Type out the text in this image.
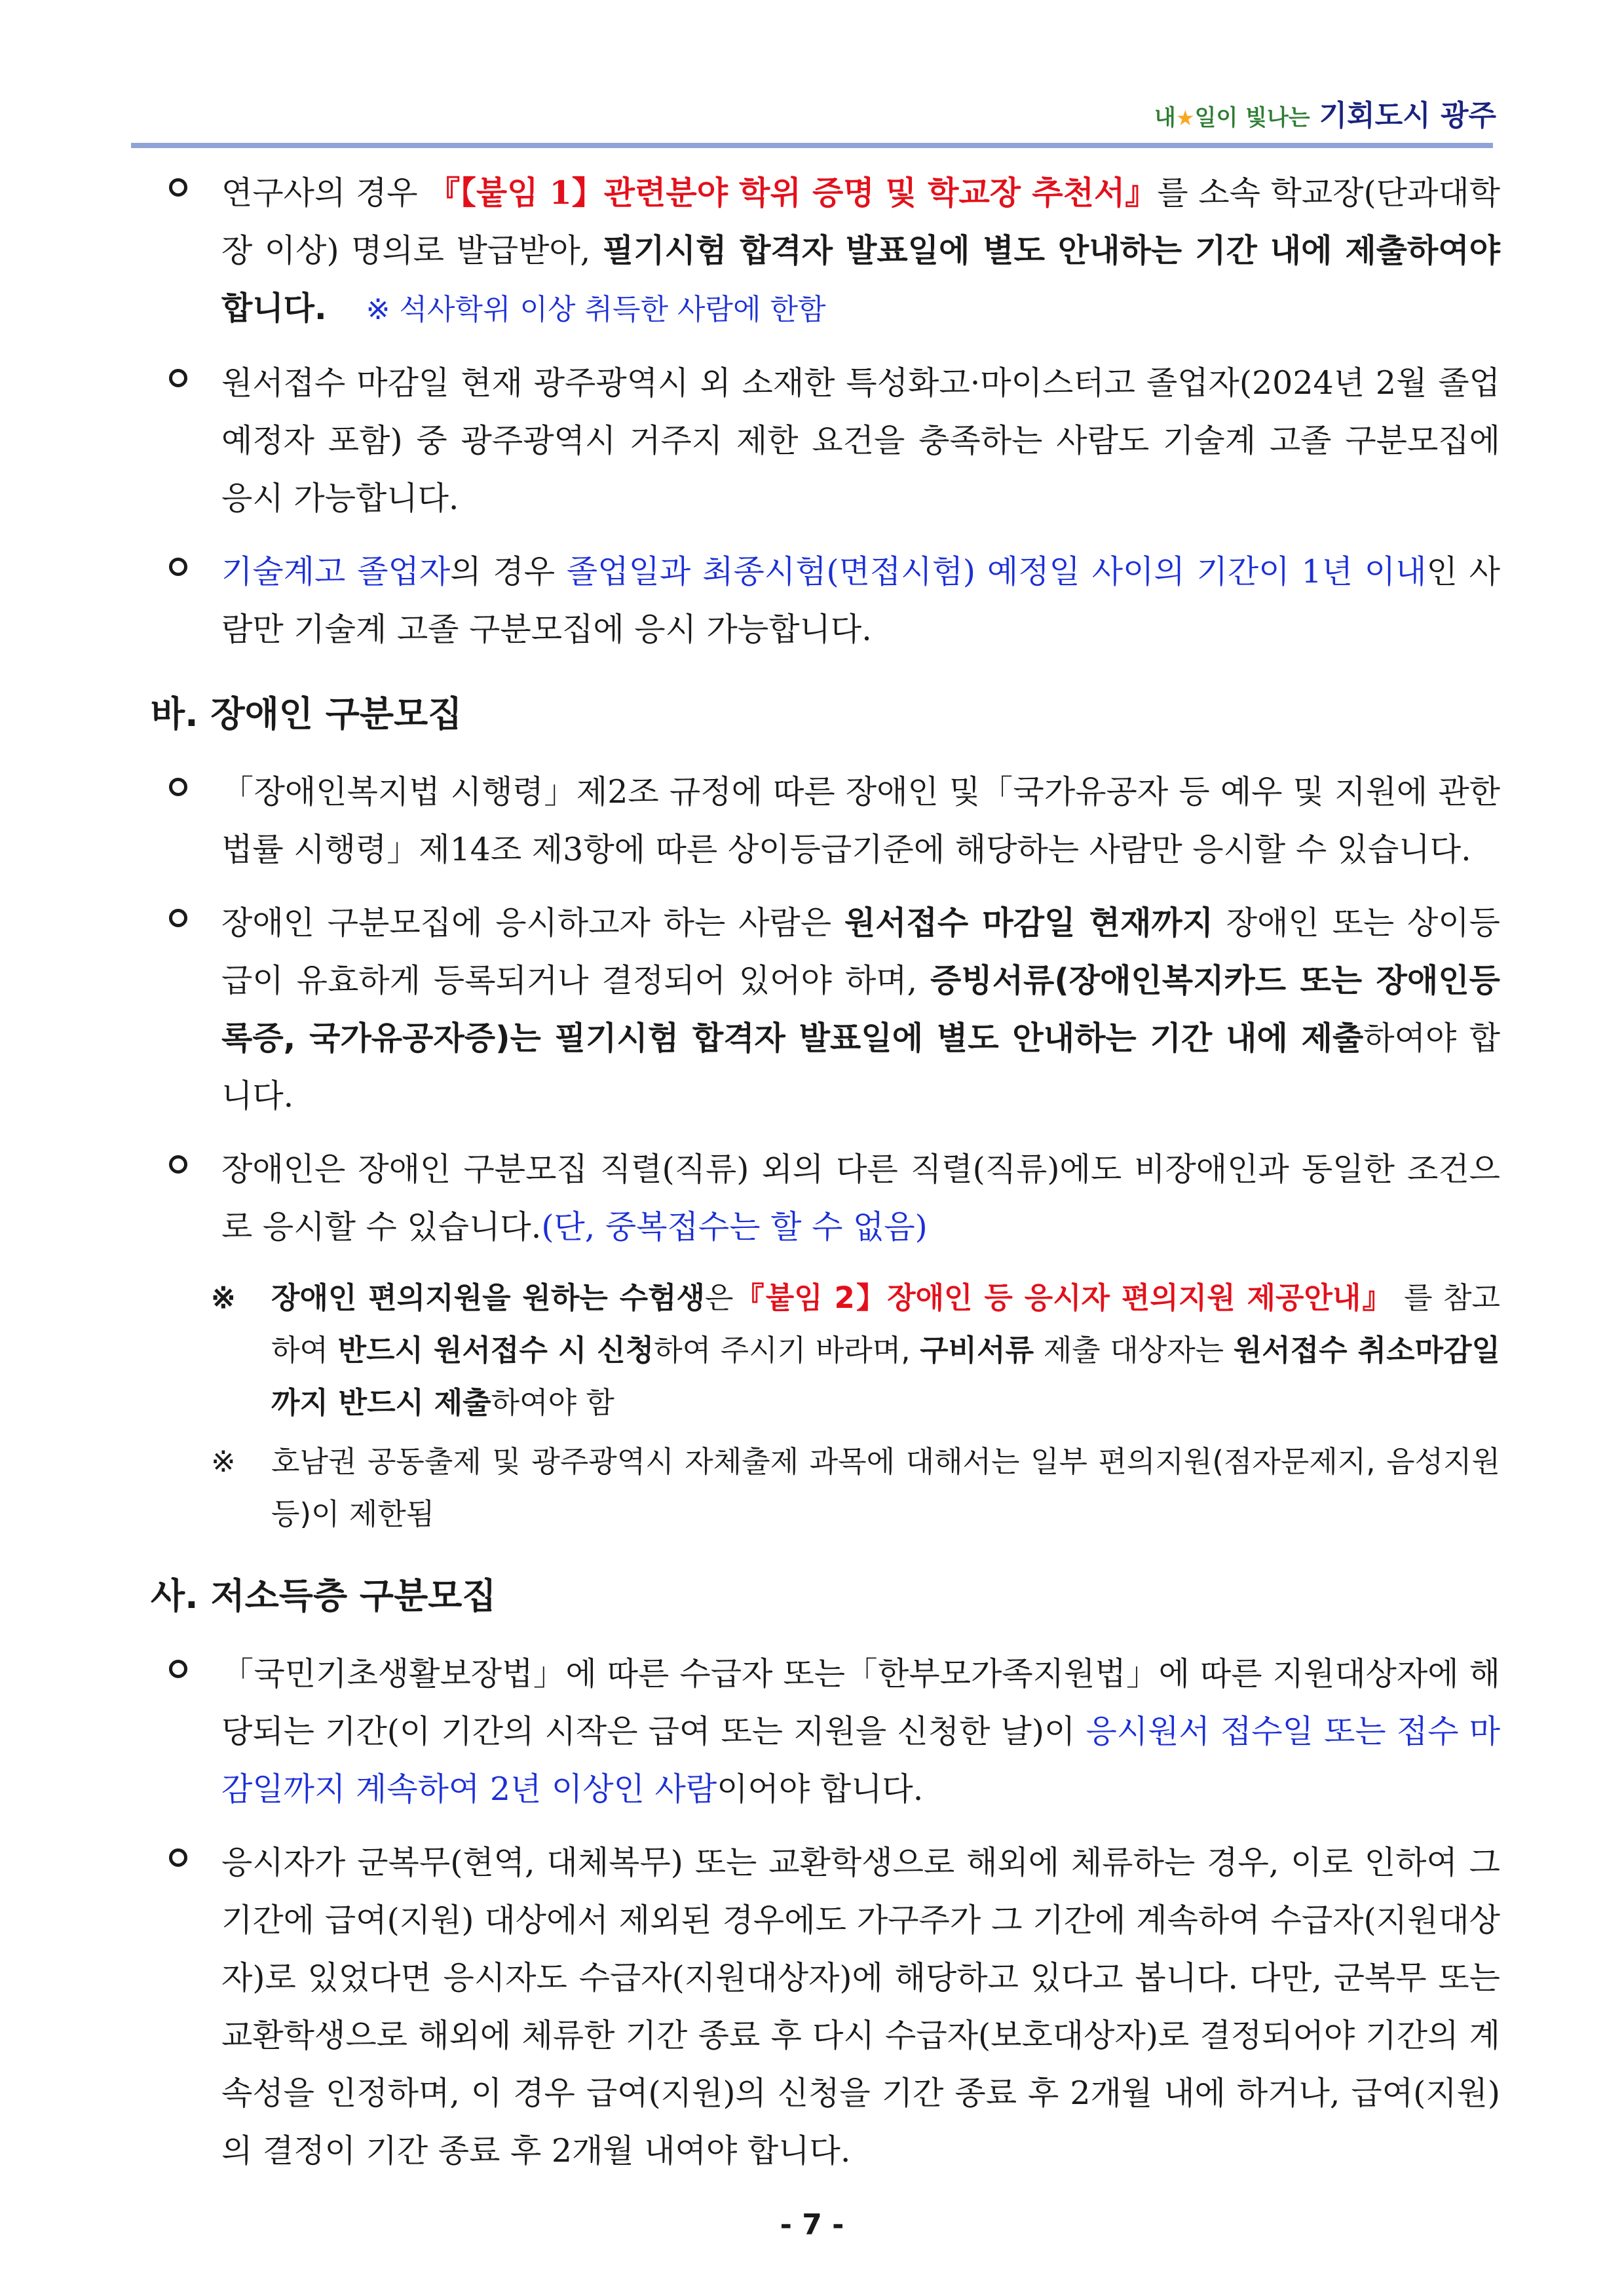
내★일이 빛나는 기회도시 광주

연구사의 경우 『【붙임 1】관련분야 학위 증명 및 학교장 추천서』를 소속 학교장(단과대학장 이상) 명의로 발급받아, 필기시험 합격자 발표일에 별도 안내하는 기간 내에 제출하여야 합니다. ※ 석사학위 이상 취득한 사람에 한함

원서접수 마감일 현재 광주광역시 외 소재한 특성화고·마이스터고 졸업자(2024년 2월 졸업예정자 포함) 중 광주광역시 거주지 제한 요건을 충족하는 사람도 기술계 고졸 구분모집에 응시 가능합니다.

기술계고 졸업자의 경우 졸업일과 최종시험(면접시험) 예정일 사이의 기간이 1년 이내인 사람만 기술계 고졸 구분모집에 응시 가능합니다.

바. 장애인 구분모집

「장애인복지법 시행령」제2조 규정에 따른 장애인 및「국가유공자 등 예우 및 지원에 관한 법률 시행령」제14조 제3항에 따른 상이등급기준에 해당하는 사람만 응시할 수 있습니다.

장애인 구분모집에 응시하고자 하는 사람은 원서접수 마감일 현재까지 장애인 또는 상이등급이 유효하게 등록되거나 결정되어 있어야 하며, 증빙서류(장애인복지카드 또는 장애인등록증, 국가유공자증)는 필기시험 합격자 발표일에 별도 안내하는 기간 내에 제출하여야 합니다.

장애인은 장애인 구분모집 직렬(직류) 외의 다른 직렬(직류)에도 비장애인과 동일한 조건으로 응시할 수 있습니다.(단, 중복접수는 할 수 없음)

※ 장애인 편의지원을 원하는 수험생은『붙임 2】장애인 등 응시자 편의지원 제공안내』 를 참고하여 반드시 원서접수 시 신청하여 주시기 바라며, 구비서류 제출 대상자는 원서접수 취소마감일까지 반드시 제출하여야 함

※ 호남권 공동출제 및 광주광역시 자체출제 과목에 대해서는 일부 편의지원(점자문제지, 음성지원 등)이 제한됨

사. 저소득층 구분모집

「국민기초생활보장법」에 따른 수급자 또는「한부모가족지원법」에 따른 지원대상자에 해당되는 기간(이 기간의 시작은 급여 또는 지원을 신청한 날)이 응시원서 접수일 또는 접수 마감일까지 계속하여 2년 이상인 사람이어야 합니다.

응시자가 군복무(현역, 대체복무) 또는 교환학생으로 해외에 체류하는 경우, 이로 인하여 그 기간에 급여(지원) 대상에서 제외된 경우에도 가구주가 그 기간에 계속하여 수급자(지원대상자)로 있었다면 응시자도 수급자(지원대상자)에 해당하고 있다고 봅니다. 다만, 군복무 또는 교환학생으로 해외에 체류한 기간 종료 후 다시 수급자(보호대상자)로 결정되어야 기간의 계속성을 인정하며, 이 경우 급여(지원)의 신청을 기간 종료 후 2개월 내에 하거나, 급여(지원)의 결정이 기간 종료 후 2개월 내여야 합니다.

- 7 -
